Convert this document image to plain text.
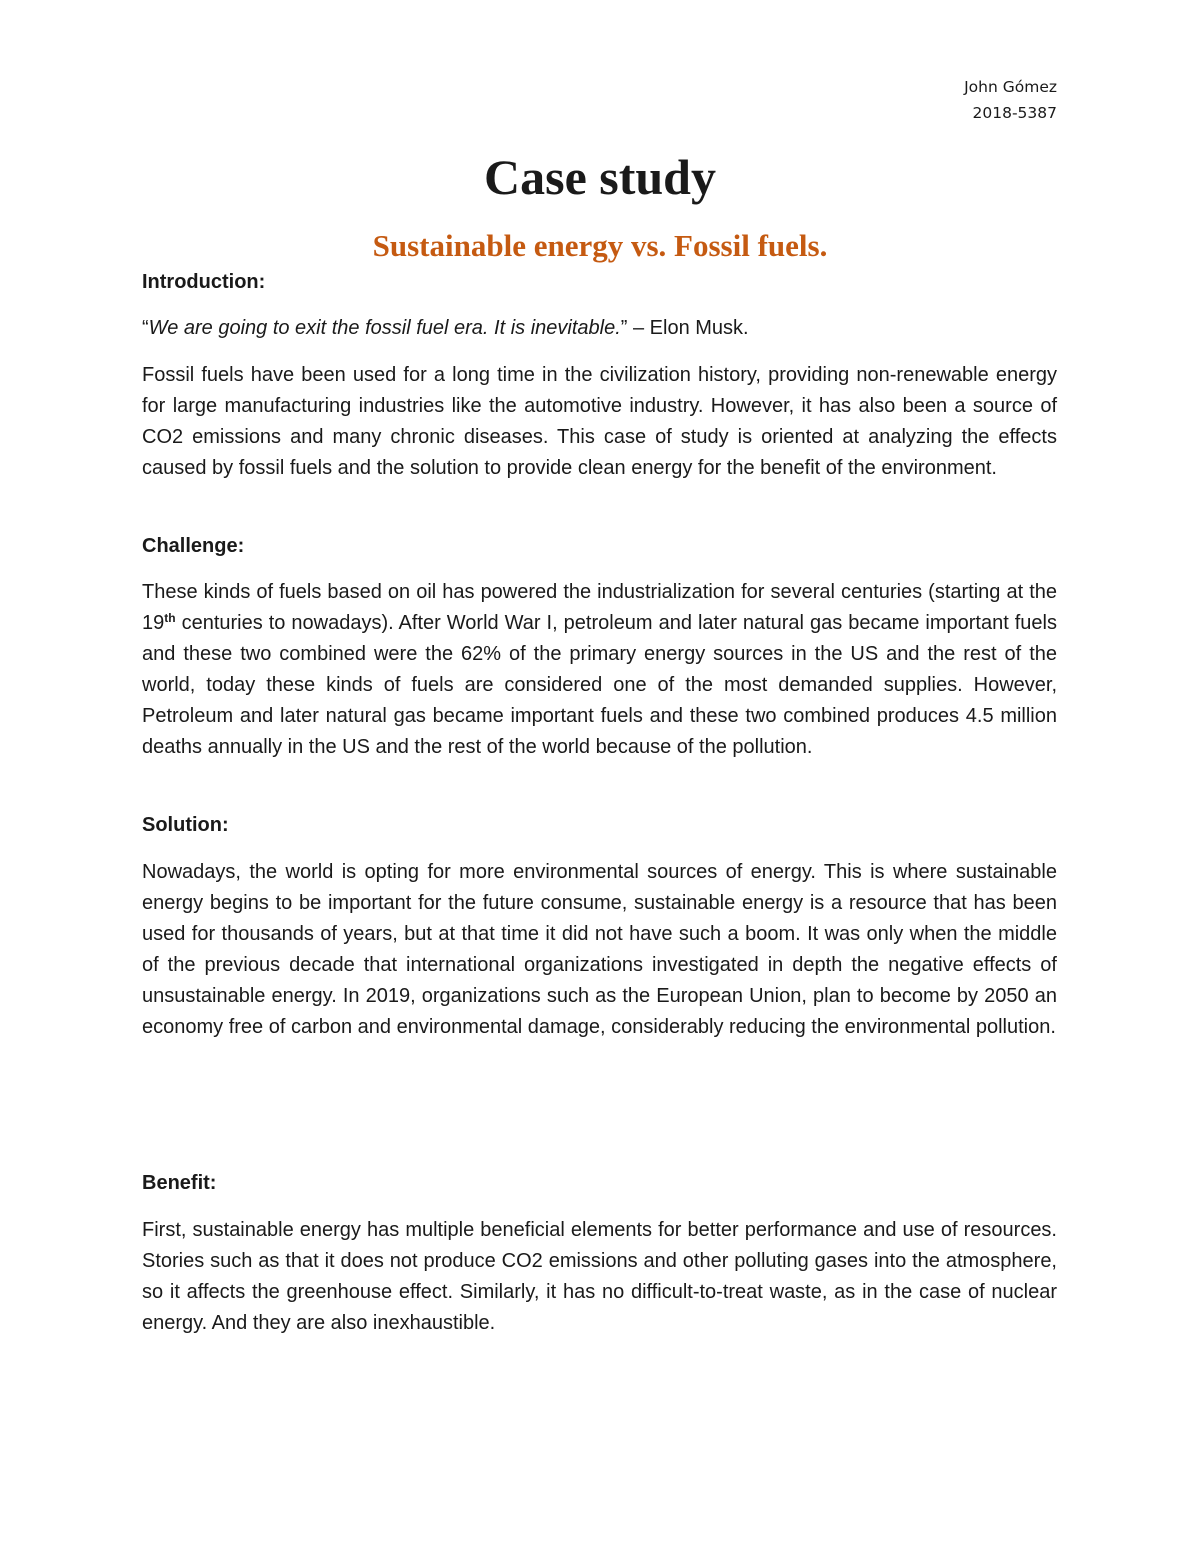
John Gómez
2018-5387
Case study
Sustainable energy vs. Fossil fuels.

Introduction:

“We are going to exit the fossil fuel era. It is inevitable.” – Elon Musk.

Fossil fuels have been used for a long time in the civilization history, providing non-renewable energy for large manufacturing industries like the automotive industry. However, it has also been a source of CO2 emissions and many chronic diseases. This case of study is oriented at analyzing the effects caused by fossil fuels and the solution to provide clean energy for the benefit of the environment.

Challenge:

These kinds of fuels based on oil has powered the industrialization for several centuries (starting at the 19th centuries to nowadays). After World War I, petroleum and later natural gas became important fuels and these two combined were the 62% of the primary energy sources in the US and the rest of the world, today these kinds of fuels are considered one of the most demanded supplies. However, Petroleum and later natural gas became important fuels and these two combined produces 4.5 million deaths annually in the US and the rest of the world because of the pollution.

Solution:

Nowadays, the world is opting for more environmental sources of energy. This is where sustainable energy begins to be important for the future consume, sustainable energy is a resource that has been used for thousands of years, but at that time it did not have such a boom. It was only when the middle of the previous decade that international organizations investigated in depth the negative effects of unsustainable energy. In 2019, organizations such as the European Union, plan to become by 2050 an economy free of carbon and environmental damage, considerably reducing the environmental pollution.

Benefit:

First, sustainable energy has multiple beneficial elements for better performance and use of resources. Stories such as that it does not produce CO2 emissions and other polluting gases into the atmosphere, so it affects the greenhouse effect. Similarly, it has no difficult-to-treat waste, as in the case of nuclear energy. And they are also inexhaustible.
